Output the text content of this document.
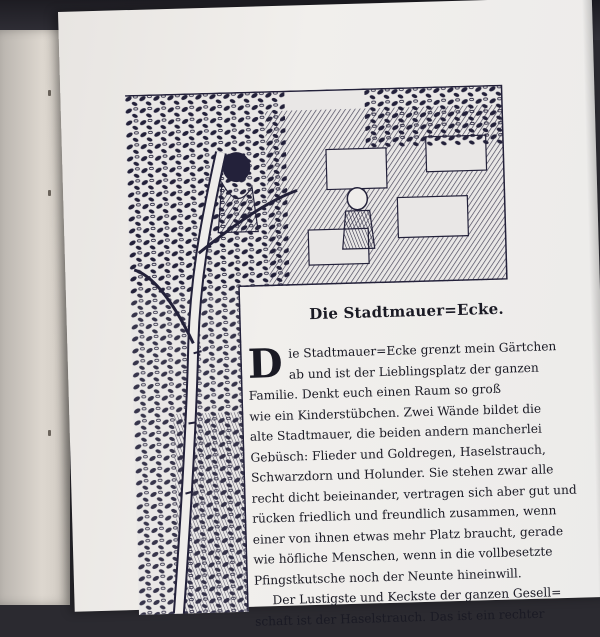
Die Stadtmauer=Ecke.

D ie Stadtmauer=Ecke grenzt mein Gärtchen
ab und ist der Lieblingsplatz der ganzen
Familie. Denkt euch einen Raum so groß
wie ein Kinderstübchen. Zwei Wände bildet die
alte Stadtmauer, die beiden andern mancherlei
Gebüsch: Flieder und Goldregen, Haselstrauch,
Schwarzdorn und Holunder. Sie stehen zwar alle
recht dicht beieinander, vertragen sich aber gut und
rücken friedlich und freundlich zusammen, wenn
einer von ihnen etwas mehr Platz braucht, gerade
wie höfliche Menschen, wenn in die vollbesetzte
Pfingstkutsche noch der Neunte hineinwill.

Der Lustigste und Keckste der ganzen Gesell=
schaft ist der Haselstrauch. Das ist ein rechter
